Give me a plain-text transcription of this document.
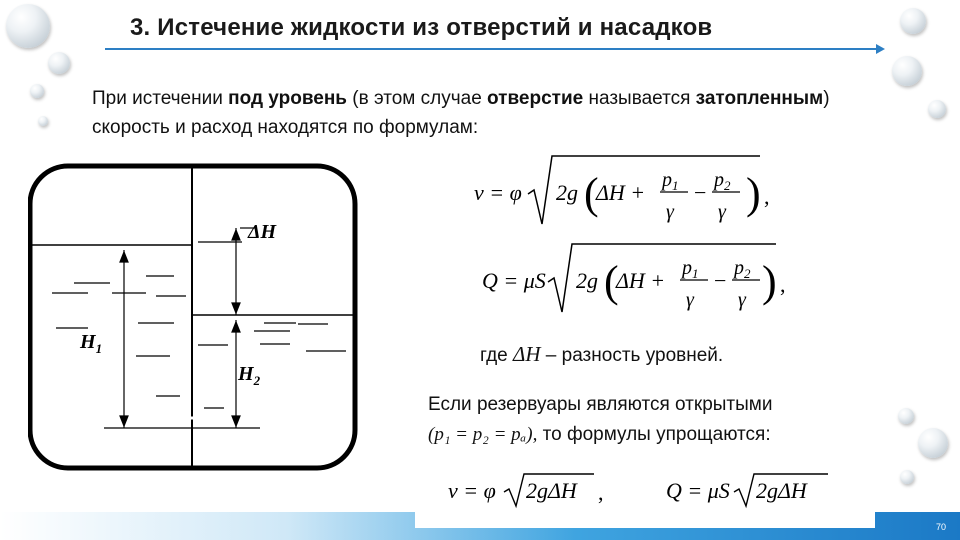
3. Истечение жидкости из отверстий и насадков
При истечении под уровень (в этом случае отверстие называется затопленным) скорость и расход находятся по формулам:
ΔH
$H_1$
$H_2$
v = φ 2g (
$\Delta H + p_1$
γ
− $p_2$
γ ) ,
Q = μS 2g (
$\Delta H + p_1$
γ
− $p_2$
γ ) ,
где ΔH – разность уровней.
Если резервуары являются открытыми
(p₁ = p₂ = pₐ), то формулы упрощаются:
v = φ 2gΔH ,	Q = μS 2gΔH
70
